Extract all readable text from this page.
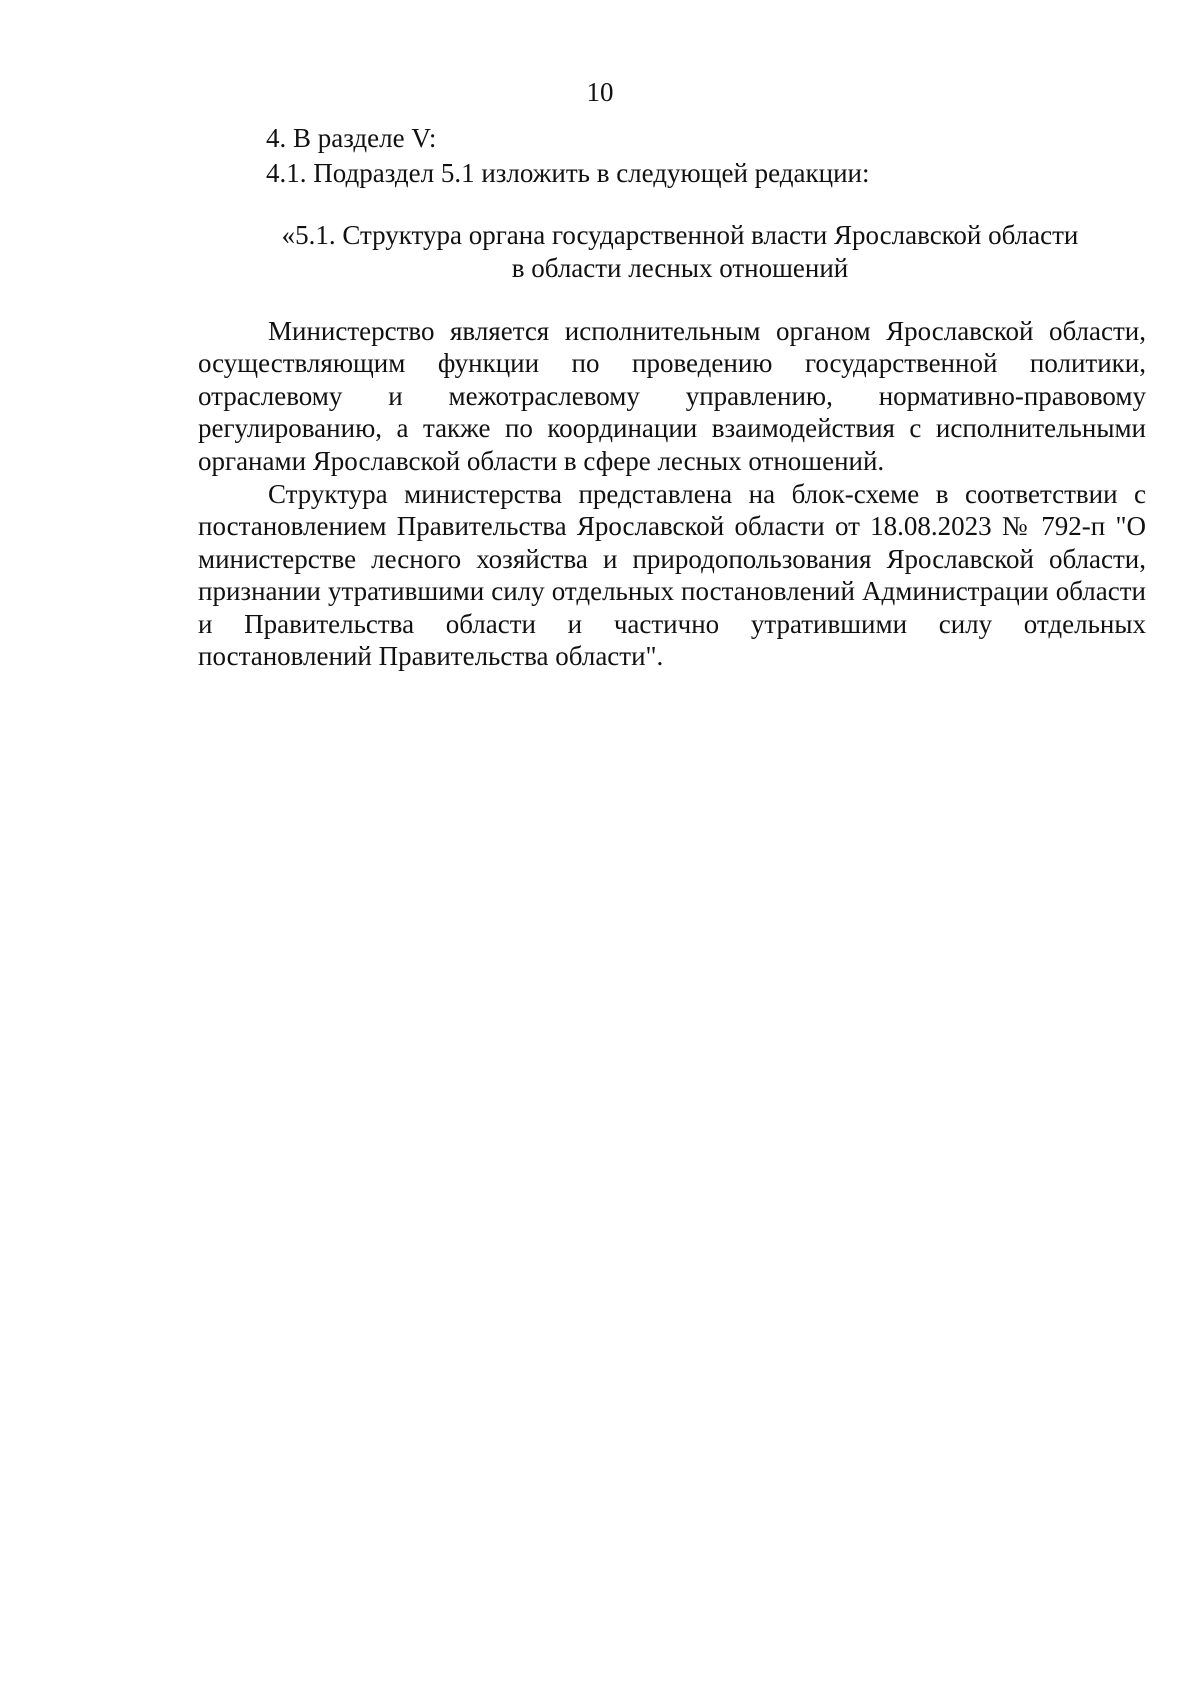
10
4. В разделе V:
4.1. Подраздел 5.1 изложить в следующей редакции:
«5.1. Структура органа государственной власти Ярославской области
в области лесных отношений

Министерство является исполнительным органом Ярославской области, осуществляющим функции по проведению государственной политики, отраслевому и межотраслевому управлению, нормативно-правовому регулированию, а также по координации взаимодействия с исполнительными органами Ярославской области в сфере лесных отношений.

Структура министерства представлена на блок-схеме в соответствии с постановлением Правительства Ярославской области от 18.08.2023 № 792-п "О министерстве лесного хозяйства и природопользования Ярославской области, признании утратившими силу отдельных постановлений Администрации области и Правительства области и частично утратившими силу отдельных постановлений Правительства области".
